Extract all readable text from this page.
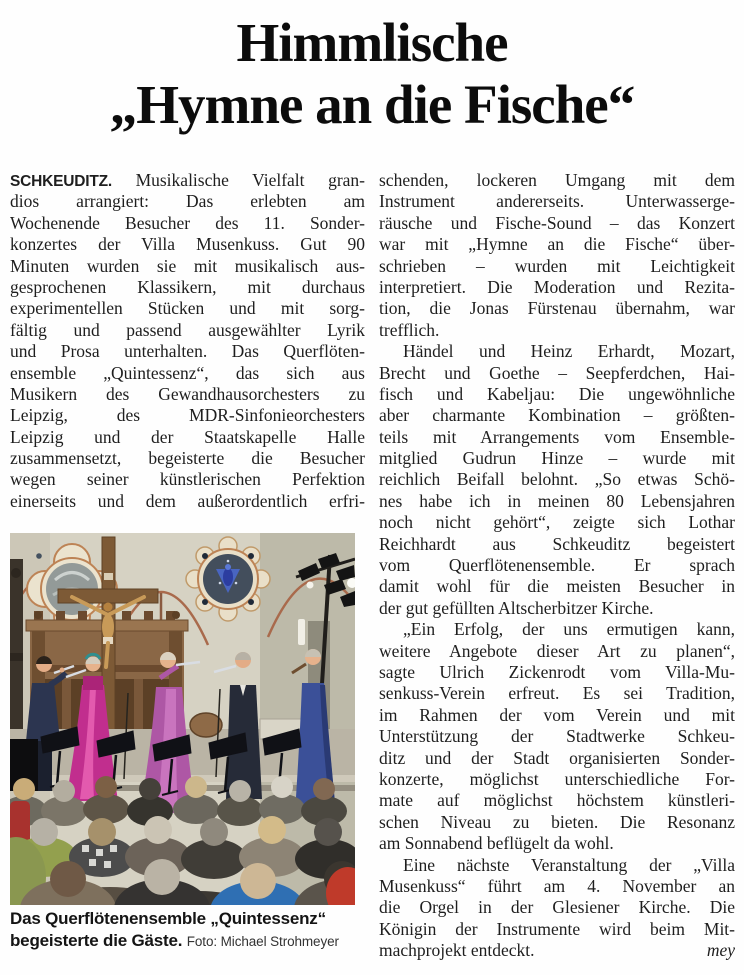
Himmlische
„Hymne an die Fische“
SCHKEUDITZ. Musikalische Vielfalt gran-
dios arrangiert: Das erlebten am
Wochenende Besucher des 11. Sonder-
konzertes der Villa Musenkuss. Gut 90
Minuten wurden sie mit musikalisch aus-
gesprochenen Klassikern, mit durchaus
experimentellen Stücken und mit sorg-
fältig und passend ausgewählter Lyrik
und Prosa unterhalten. Das Querflöten-
ensemble „Quintessenz“, das sich aus
Musikern des Gewandhausorchesters zu
Leipzig, des MDR-Sinfonieorchesters
Leipzig und der Staatskapelle Halle
zusammensetzt, begeisterte die Besucher
wegen seiner künstlerischen Perfektion
einerseits und dem außerordentlich erfri-
schenden, lockeren Umgang mit dem
Instrument andererseits. Unterwasserge-
räusche und Fische-Sound – das Konzert
war mit „Hymne an die Fische“ über-
schrieben – wurden mit Leichtigkeit
interpretiert. Die Moderation und Rezita-
tion, die Jonas Fürstenau übernahm, war
trefflich.
Händel und Heinz Erhardt, Mozart,
Brecht und Goethe – Seepferdchen, Hai-
fisch und Kabeljau: Die ungewöhnliche
aber charmante Kombination – größten-
teils mit Arrangements vom Ensemble-
mitglied Gudrun Hinze – wurde mit
reichlich Beifall belohnt. „So etwas Schö-
nes habe ich in meinen 80 Lebensjahren
noch nicht gehört“, zeigte sich Lothar
Reichhardt aus Schkeuditz begeistert
vom Querflötenensemble. Er sprach
damit wohl für die meisten Besucher in
der gut gefüllten Altscherbitzer Kirche.
„Ein Erfolg, der uns ermutigen kann,
weitere Angebote dieser Art zu planen“,
sagte Ulrich Zickenrodt vom Villa-Mu-
senkuss-Verein erfreut. Es sei Tradition,
im Rahmen der vom Verein und mit
Unterstützung der Stadtwerke Schkeu-
ditz und der Stadt organisierten Sonder-
konzerte, möglichst unterschiedliche For-
mate auf möglichst höchstem künstleri-
schen Niveau zu bieten. Die Resonanz
am Sonnabend beflügelt da wohl.
Eine nächste Veranstaltung der „Villa
Musenkuss“ führt am 4. November an
die Orgel in der Glesiener Kirche. Die
Königin der Instrumente wird beim Mit-
machprojekt entdeckt.	mey
Das Querflötenensemble „Quintessenz“
begeisterte die Gäste. Foto: Michael Strohmeyer
